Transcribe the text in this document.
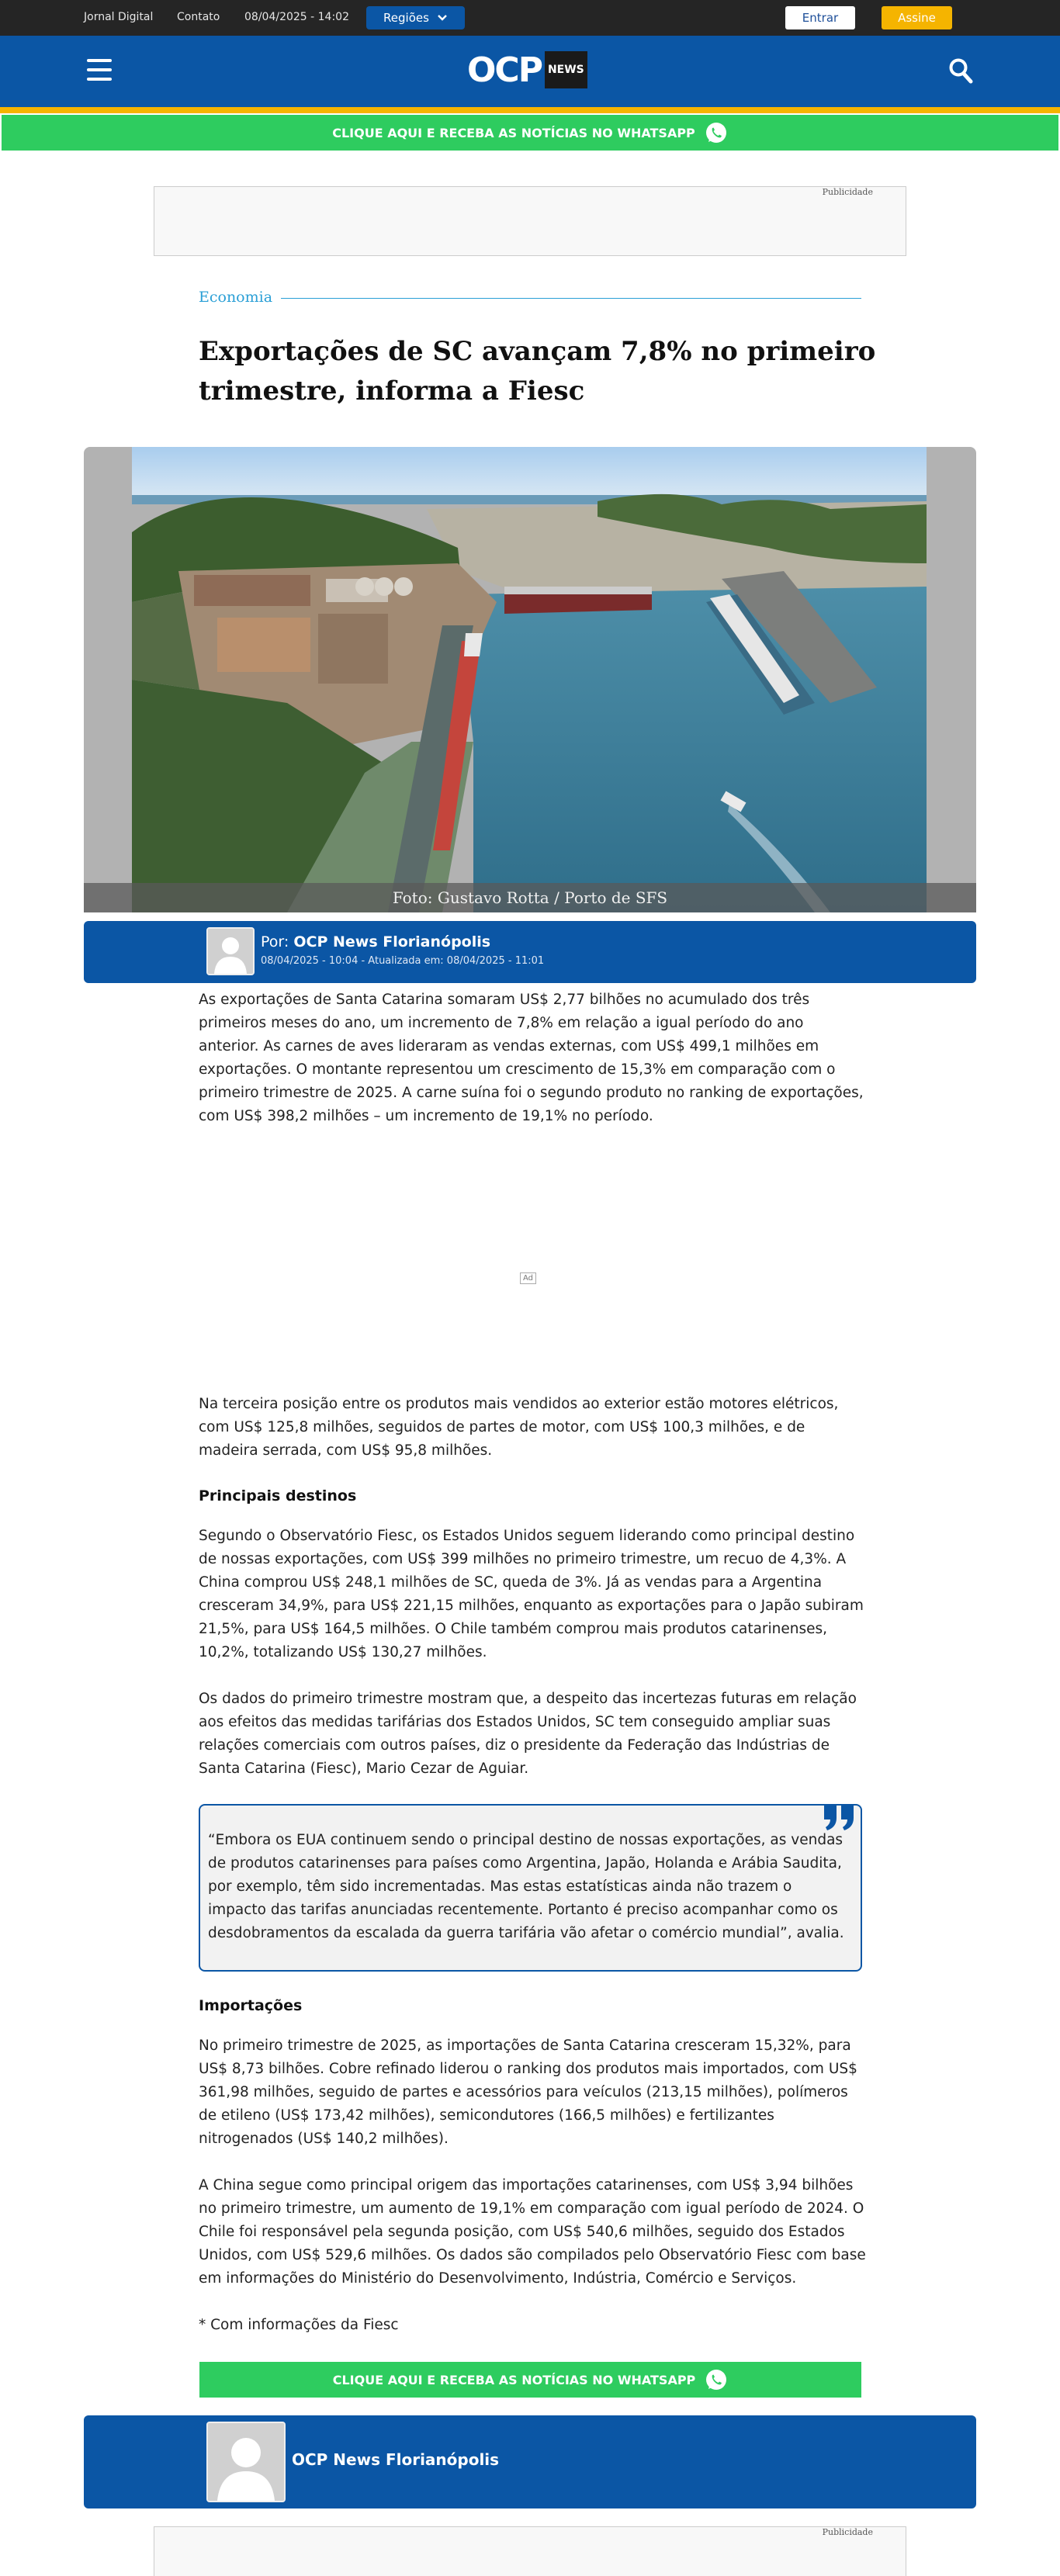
Jornal Digital Contato 08/04/2025 - 14:02	Regiões	Entrar	Assine
OCP NEWS
CLIQUE AQUI E RECEBA AS NOTÍCIAS NO WHATSAPP
Publicidade
Economia
Exportações de SC avançam 7,8% no primeiro trimestre, informa a Fiesc
Foto: Gustavo Rotta / Porto de SFS
Por: OCP News Florianópolis
08/04/2025 - 10:04 - Atualizada em: 08/04/2025 - 11:01

As exportações de Santa Catarina somaram US$ 2,77 bilhões no acumulado dos três primeiros meses do ano, um incremento de 7,8% em relação a igual período do ano anterior. As carnes de aves lideraram as vendas externas, com US$ 499,1 milhões em exportações. O montante representou um crescimento de 15,3% em comparação com o primeiro trimestre de 2025. A carne suína foi o segundo produto no ranking de exportações, com US$ 398,2 milhões – um incremento de 19,1% no período.

Ad

Na terceira posição entre os produtos mais vendidos ao exterior estão motores elétricos, com US$ 125,8 milhões, seguidos de partes de motor, com US$ 100,3 milhões, e de madeira serrada, com US$ 95,8 milhões.

Principais destinos

Segundo o Observatório Fiesc, os Estados Unidos seguem liderando como principal destino de nossas exportações, com US$ 399 milhões no primeiro trimestre, um recuo de 4,3%. A China comprou US$ 248,1 milhões de SC, queda de 3%. Já as vendas para a Argentina cresceram 34,9%, para US$ 221,15 milhões, enquanto as exportações para o Japão subiram 21,5%, para US$ 164,5 milhões. O Chile também comprou mais produtos catarinenses, 10,2%, totalizando US$ 130,27 milhões.

Os dados do primeiro trimestre mostram que, a despeito das incertezas futuras em relação aos efeitos das medidas tarifárias dos Estados Unidos, SC tem conseguido ampliar suas relações comerciais com outros países, diz o presidente da Federação das Indústrias de Santa Catarina (Fiesc), Mario Cezar de Aguiar.

“Embora os EUA continuem sendo o principal destino de nossas exportações, as vendas de produtos catarinenses para países como Argentina, Japão, Holanda e Arábia Saudita, por exemplo, têm sido incrementadas. Mas estas estatísticas ainda não trazem o impacto das tarifas anunciadas recentemente. Portanto é preciso acompanhar como os desdobramentos da escalada da guerra tarifária vão afetar o comércio mundial”, avalia.

Importações

No primeiro trimestre de 2025, as importações de Santa Catarina cresceram 15,32%, para US$ 8,73 bilhões. Cobre refinado liderou o ranking dos produtos mais importados, com US$ 361,98 milhões, seguido de partes e acessórios para veículos (213,15 milhões), polímeros de etileno (US$ 173,42 milhões), semicondutores (166,5 milhões) e fertilizantes nitrogenados (US$ 140,2 milhões).

A China segue como principal origem das importações catarinenses, com US$ 3,94 bilhões no primeiro trimestre, um aumento de 19,1% em comparação com igual período de 2024. O Chile foi responsável pela segunda posição, com US$ 540,6 milhões, seguido dos Estados Unidos, com US$ 529,6 milhões. Os dados são compilados pelo Observatório Fiesc com base em informações do Ministério do Desenvolvimento, Indústria, Comércio e Serviços.

* Com informações da Fiesc

CLIQUE AQUI E RECEBA AS NOTÍCIAS NO WHATSAPP
OCP News Florianópolis
Publicidade
